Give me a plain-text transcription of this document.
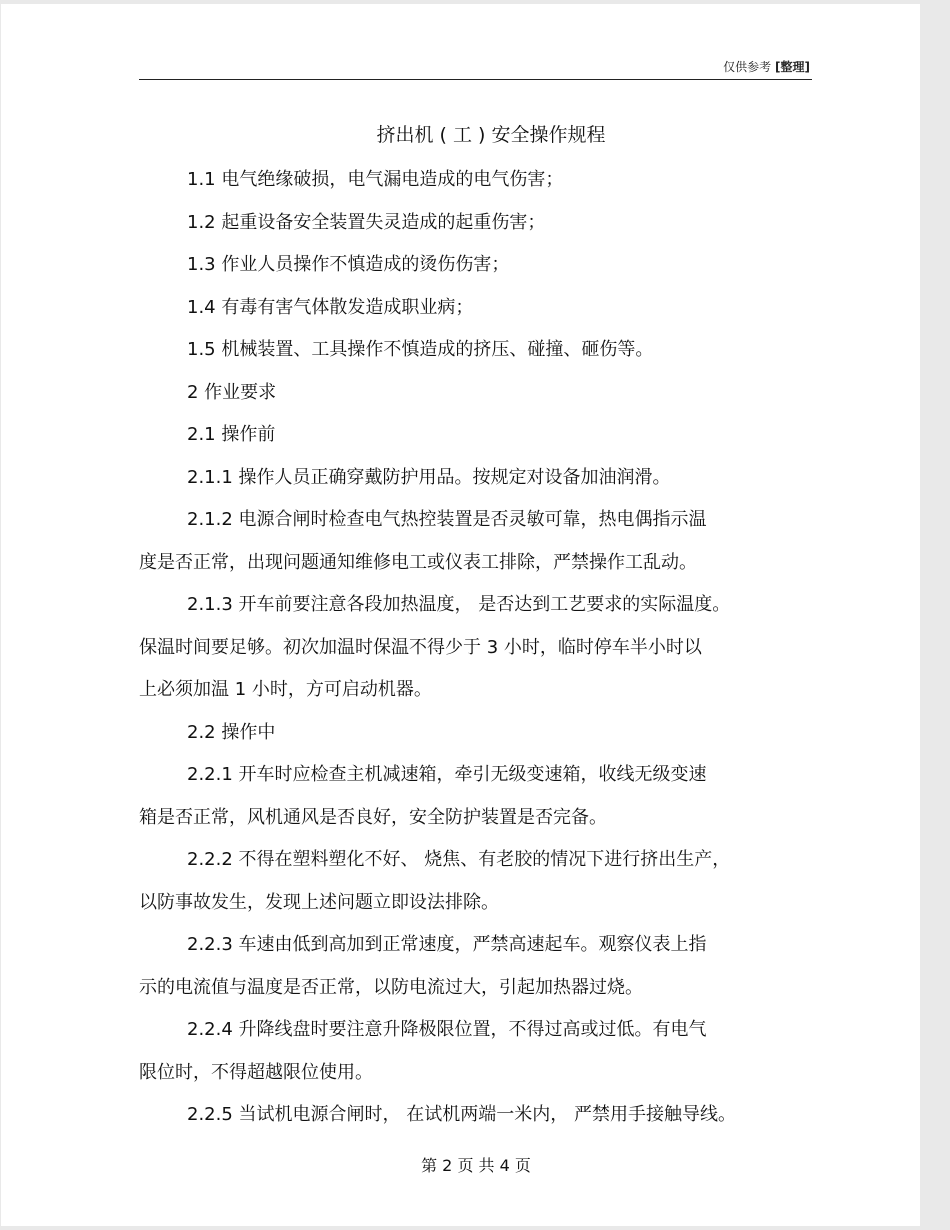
仅供参考 [整理]
挤出机 ( 工 ) 安全操作规程
1.1 电气绝缘破损，电气漏电造成的电气伤害；
1.2 起重设备安全装置失灵造成的起重伤害；
1.3 作业人员操作不慎造成的烫伤伤害；
1.4 有毒有害气体散发造成职业病；
1.5 机械装置、工具操作不慎造成的挤压、碰撞、砸伤等。
2 作业要求
2.1 操作前
2.1.1 操作人员正确穿戴防护用品。按规定对设备加油润滑。
2.1.2 电源合闸时检查电气热控装置是否灵敏可靠，热电偶指示温
度是否正常，出现问题通知维修电工或仪表工排除，严禁操作工乱动。
2.1.3 开车前要注意各段加热温度， 是否达到工艺要求的实际温度。
保温时间要足够。初次加温时保温不得少于 3 小时，临时停车半小时以
上必须加温 1 小时，方可启动机器。
2.2 操作中
2.2.1 开车时应检查主机减速箱，牵引无级变速箱，收线无级变速
箱是否正常，风机通风是否良好，安全防护装置是否完备。
2.2.2 不得在塑料塑化不好、 烧焦、有老胶的情况下进行挤出生产，
以防事故发生，发现上述问题立即设法排除。
2.2.3 车速由低到高加到正常速度，严禁高速起车。观察仪表上指
示的电流值与温度是否正常，以防电流过大，引起加热器过烧。
2.2.4 升降线盘时要注意升降极限位置，不得过高或过低。有电气
限位时，不得超越限位使用。
2.2.5 当试机电源合闸时， 在试机两端一米内， 严禁用手接触导线。
第 2 页 共 4 页
